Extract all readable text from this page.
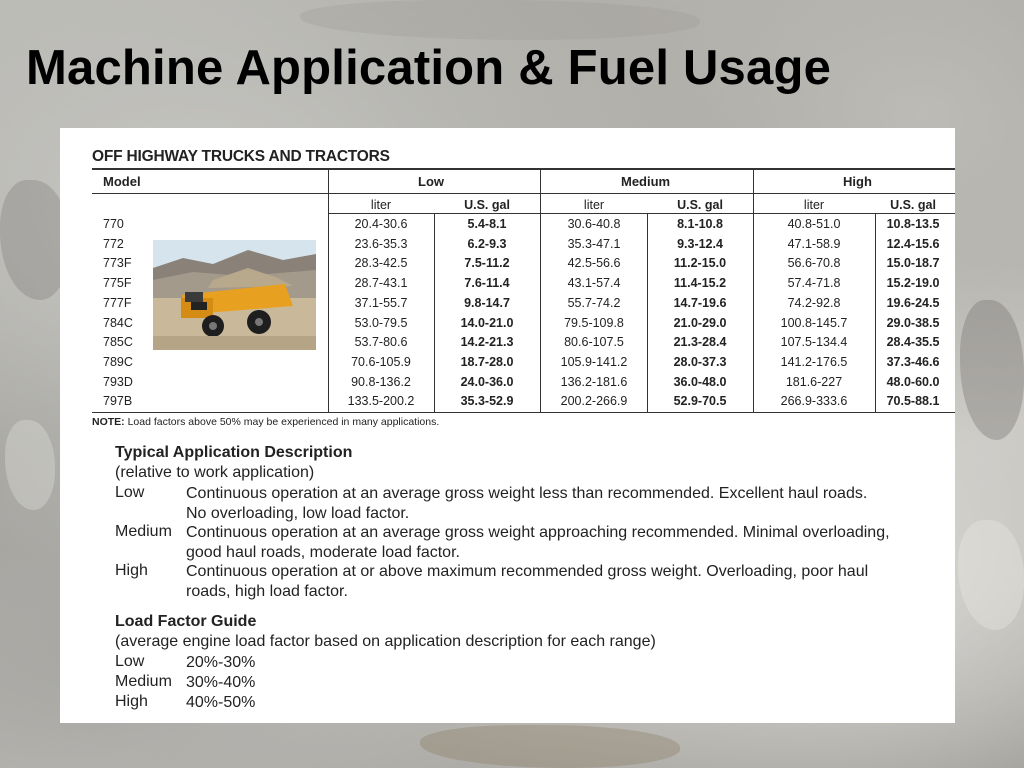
Machine Application & Fuel Usage
OFF HIGHWAY TRUCKS AND TRACTORS
Model	Low	Medium	High
liter	U.S. gal	liter	U.S. gal	liter	U.S. gal
770	20.4-30.6	5.4-8.1	30.6-40.8	8.1-10.8	40.8-51.0	10.8-13.5
772	23.6-35.3	6.2-9.3	35.3-47.1	9.3-12.4	47.1-58.9	12.4-15.6
773F	28.3-42.5	7.5-11.2	42.5-56.6	11.2-15.0	56.6-70.8	15.0-18.7
775F	28.7-43.1	7.6-11.4	43.1-57.4	11.4-15.2	57.4-71.8	15.2-19.0
777F	37.1-55.7	9.8-14.7	55.7-74.2	14.7-19.6	74.2-92.8	19.6-24.5
784C	53.0-79.5	14.0-21.0	79.5-109.8	21.0-29.0	100.8-145.7	29.0-38.5
785C	53.7-80.6	14.2-21.3	80.6-107.5	21.3-28.4	107.5-134.4	28.4-35.5
789C	70.6-105.9	18.7-28.0	105.9-141.2	28.0-37.3	141.2-176.5	37.3-46.6
793D	90.8-136.2	24.0-36.0	136.2-181.6	36.0-48.0	181.6-227	48.0-60.0
797B	133.5-200.2	35.3-52.9	200.2-266.9	52.9-70.5	266.9-333.6	70.5-88.1
NOTE: Load factors above 50% may be experienced in many applications.
Typical Application Description
(relative to work application)
Low	Continuous operation at an average gross weight less than recommended. Excellent haul roads.
No overloading, low load factor.
Medium Continuous operation at an average gross weight approaching recommended. Minimal overloading,
good haul roads, moderate load factor.
High Continuous operation at or above maximum recommended gross weight. Overloading, poor haul
roads, high load factor.
Load Factor Guide
(average engine load factor based on application description for each range)
Low	20%-30%
Medium 30%-40%
High 40%-50%
